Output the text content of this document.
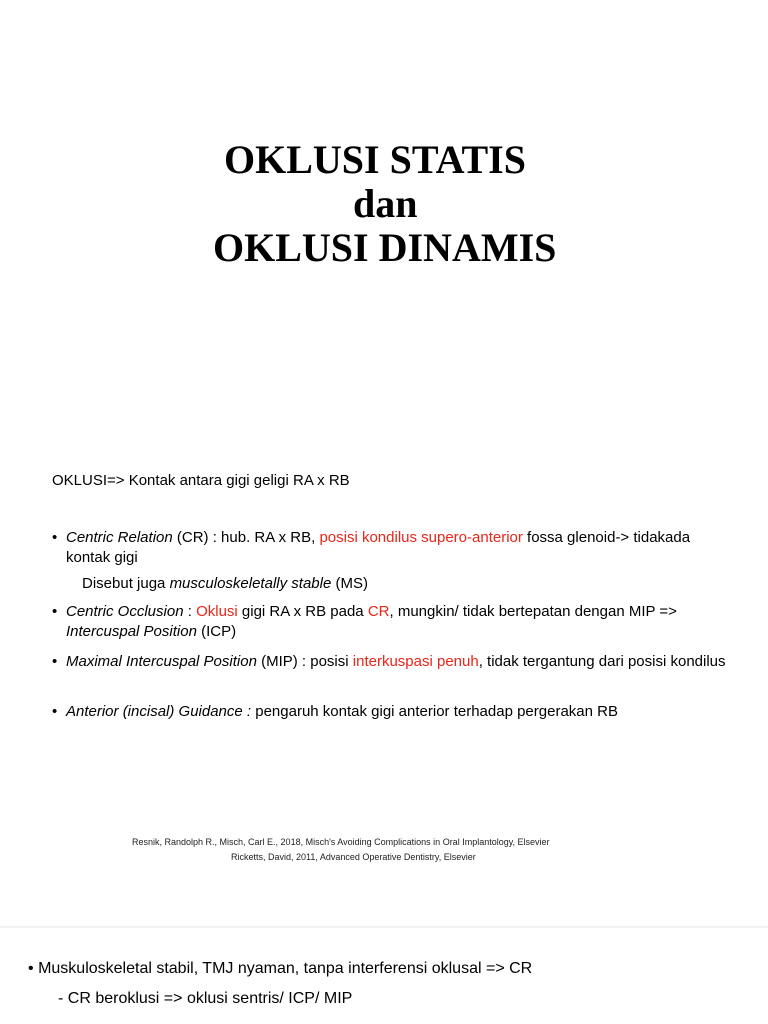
OKLUSI STATIS
dan
OKLUSI DINAMIS
OKLUSI=> Kontak antara gigi geligi RA x RB
• Centric Relation (CR) : hub. RA x RB, posisi kondilus supero-anterior fossa glenoid-> tidakada kontak gigi
Disebut juga musculoskeletally stable (MS)
• Centric Occlusion : Oklusi gigi RA x RB pada CR, mungkin/ tidak bertepatan dengan MIP => Intercuspal Position (ICP)
• Maximal Intercuspal Position (MIP) : posisi interkuspasi penuh, tidak tergantung dari posisi kondilus
• Anterior (incisal) Guidance : pengaruh kontak gigi anterior terhadap pergerakan RB
Resnik, Randolph R., Misch, Carl E., 2018, Misch's Avoiding Complications in Oral Implantology, Elsevier
Ricketts, David, 2011, Advanced Operative Dentistry, Elsevier
• Muskuloskeletal stabil, TMJ nyaman, tanpa interferensi oklusal => CR
- CR beroklusi => oklusi sentris/ ICP/ MIP
